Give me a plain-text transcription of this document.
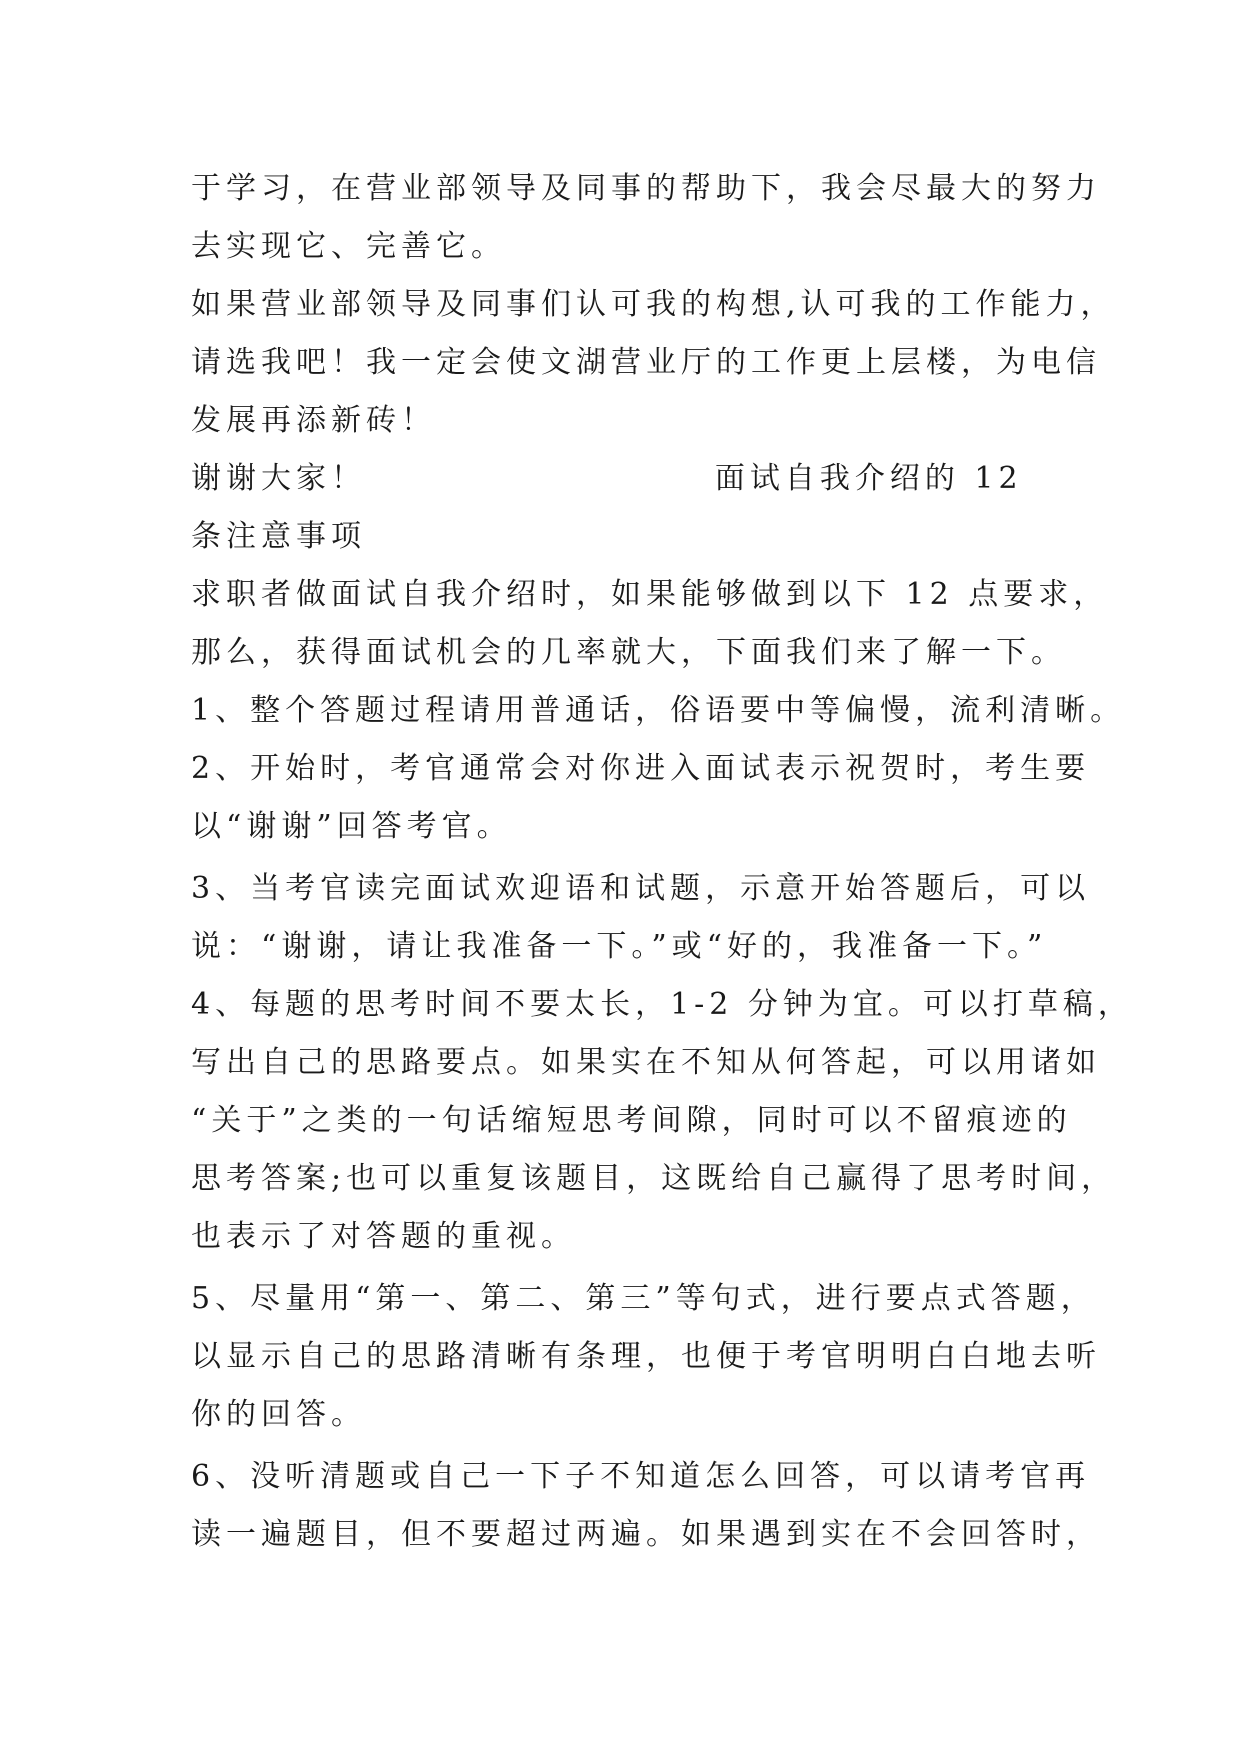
于学习，在营业部领导及同事的帮助下，我会尽最大的努力
去实现它、完善它。
如果营业部领导及同事们认可我的构想,认可我的工作能力，
请选我吧！我一定会使文湖营业厅的工作更上层楼，为电信
发展再添新砖！
谢谢大家！                        面试自我介绍的 12
条注意事项
求职者做面试自我介绍时，如果能够做到以下 12 点要求，
那么，获得面试机会的几率就大，下面我们来了解一下。
1、整个答题过程请用普通话，俗语要中等偏慢，流利清晰。
2、开始时，考官通常会对你进入面试表示祝贺时，考生要
以“谢谢”回答考官。
3、当考官读完面试欢迎语和试题，示意开始答题后，可以
说：“谢谢，请让我准备一下。”或“好的，我准备一下。”
4、每题的思考时间不要太长，1-2 分钟为宜。可以打草稿，
写出自己的思路要点。如果实在不知从何答起，可以用诸如
“关于”之类的一句话缩短思考间隙，同时可以不留痕迹的
思考答案;也可以重复该题目，这既给自己赢得了思考时间，
也表示了对答题的重视。
5、尽量用“第一、第二、第三”等句式，进行要点式答题，
以显示自己的思路清晰有条理，也便于考官明明白白地去听
你的回答。
6、没听清题或自己一下子不知道怎么回答，可以请考官再
读一遍题目，但不要超过两遍。如果遇到实在不会回答时，
